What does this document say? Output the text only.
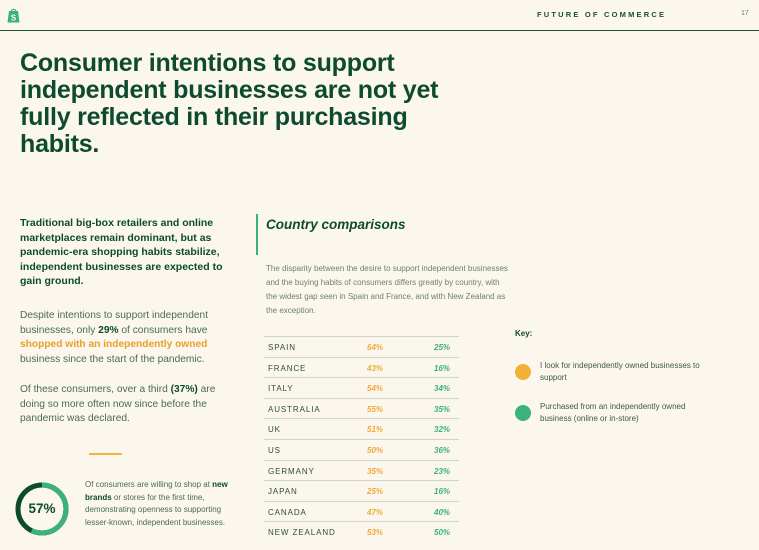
S	FUTURE OF COMMERCE	17
Consumer intentions to support independent businesses are not yet fully reflected in their purchasing habits.
Traditional big-box retailers and online marketplaces remain dominant, but as pandemic-era shopping habits stabilize, independent businesses are expected to gain ground.
Despite intentions to support independent businesses, only 29% of consumers have shopped with an independently owned business since the start of the pandemic.
Of these consumers, over a third (37%) are doing so more often now since before the pandemic was declared.
57%
Of consumers are willing to shop at new brands or stores for the first time, demonstrating openness to supporting lesser-known, independent businesses.
Country comparisons
The disparity between the desire to support independent businesses and the buying habits of consumers differs greatly by country, with the widest gap seen in Spain and France, and with New Zealand as the exception.
SPAIN	64%	25%
FRANCE	43%	16%
ITALY	54%	34%
AUSTRALIA	55%	35%
UK	51%	32%
US	50%	36%
GERMANY	35%	23%
JAPAN	25%	16%
CANADA	47%	40%
NEW ZEALAND	53%	50%
Key:
I look for independently owned businesses to support
Purchased from an independently owned business (online or in-store)
